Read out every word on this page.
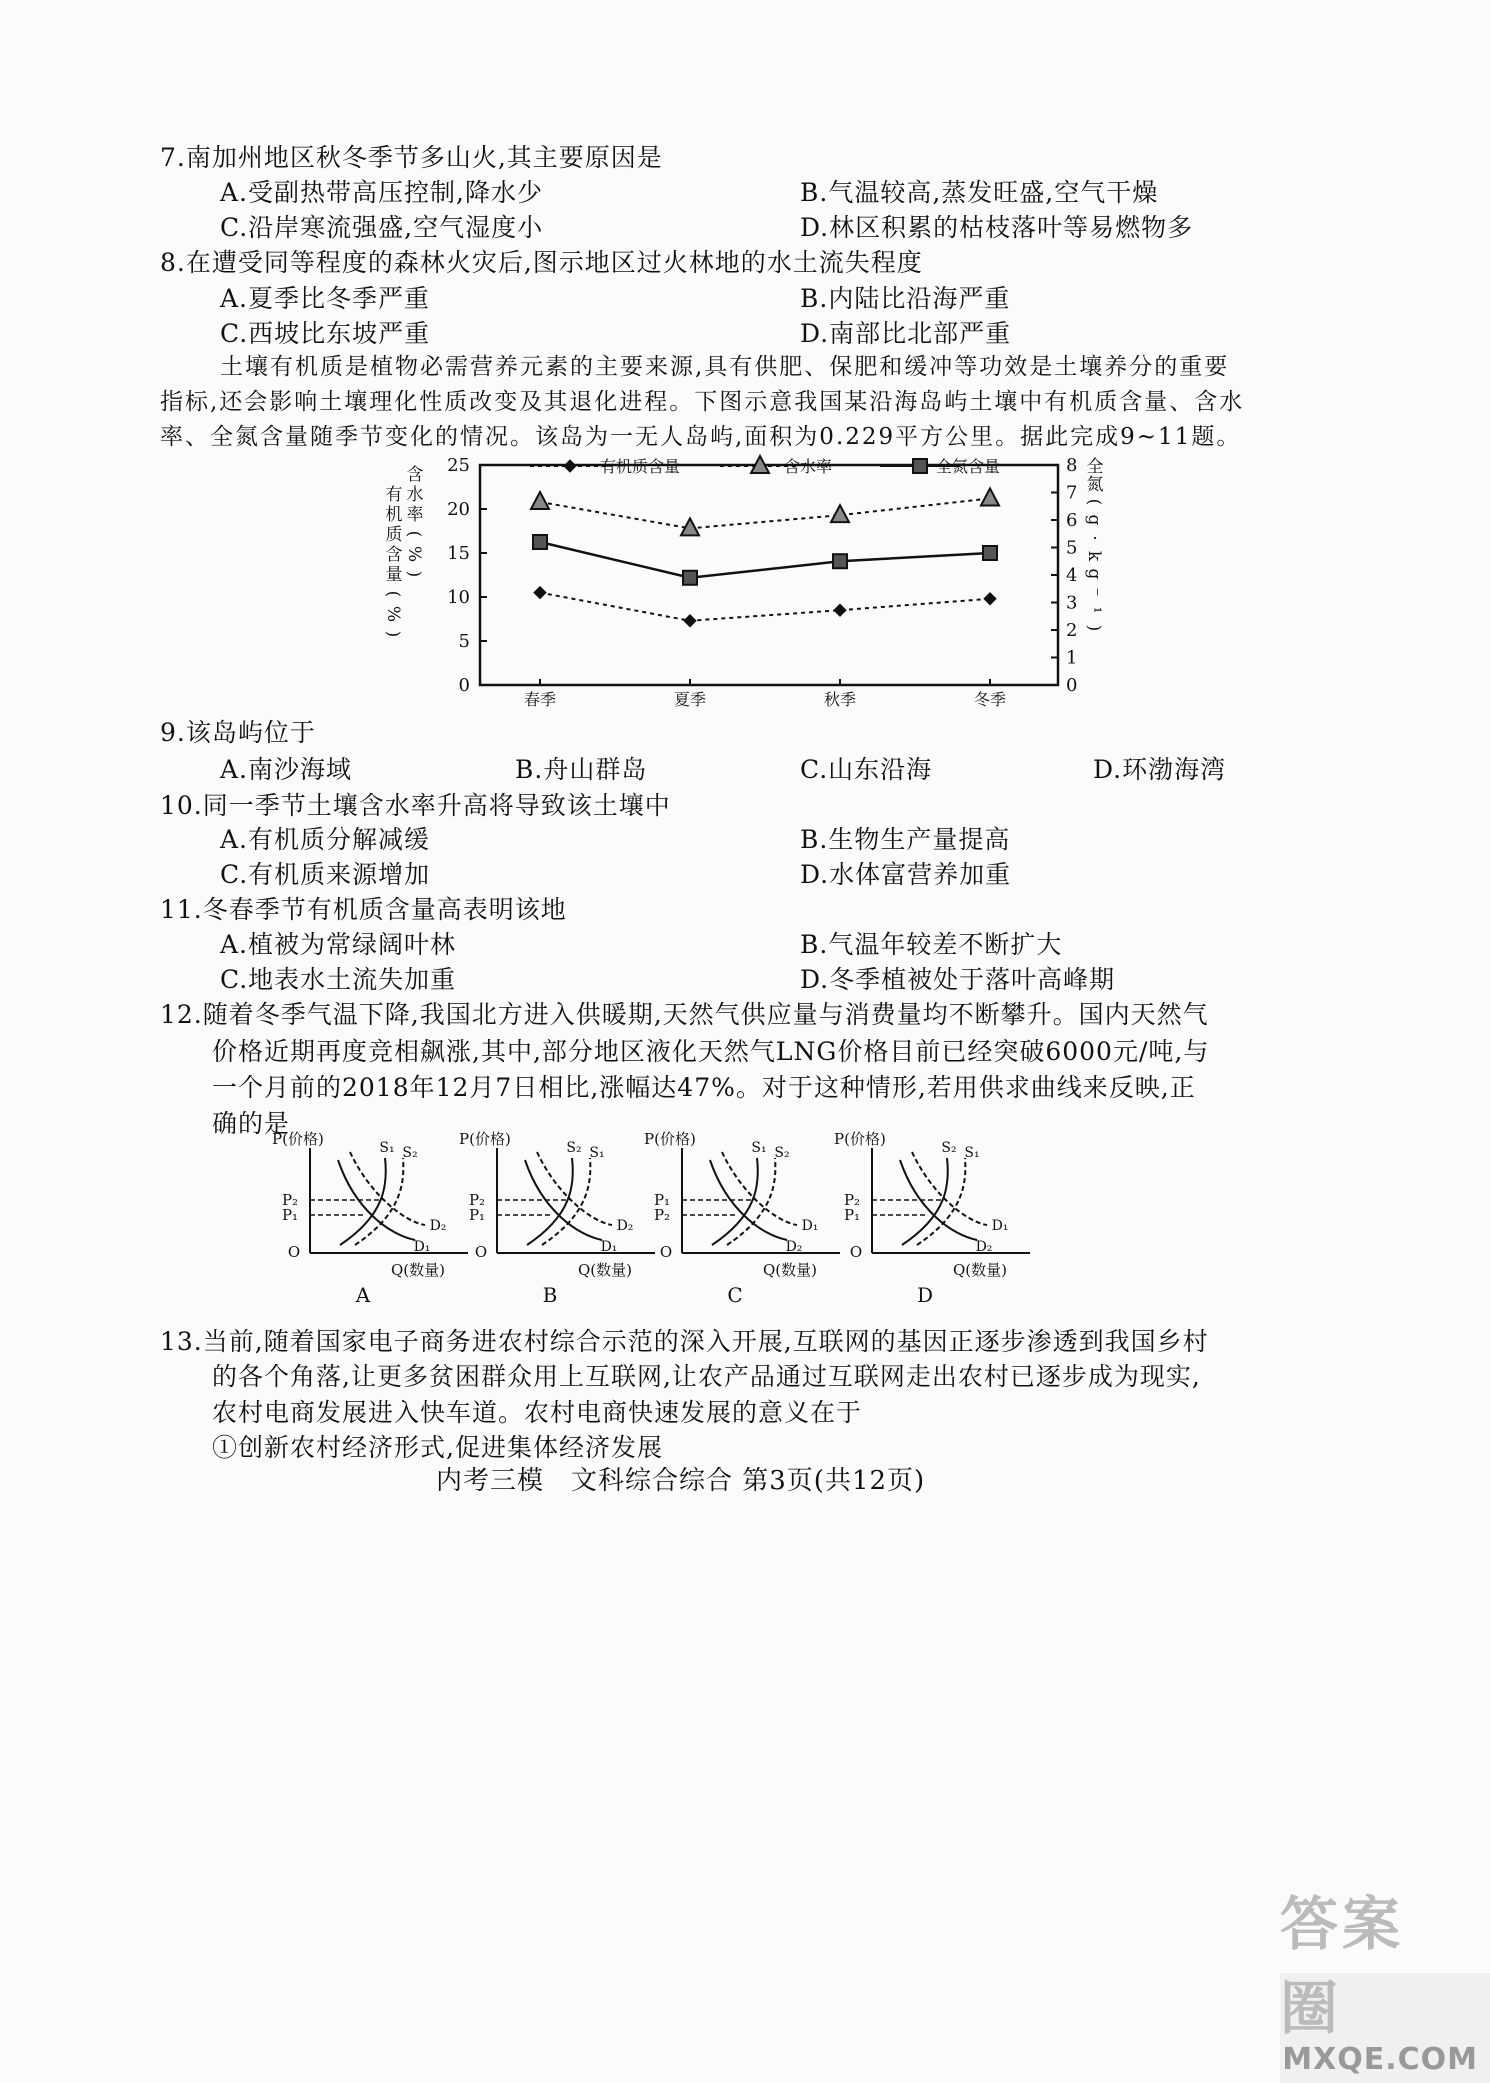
7.南加州地区秋冬季节多山火,其主要原因是
A.受副热带高压控制,降水少	B.气温较高,蒸发旺盛,空气干燥
C.沿岸寒流强盛,空气湿度小	D.林区积累的枯枝落叶等易燃物多
8.在遭受同等程度的森林火灾后,图示地区过火林地的水土流失程度
A.夏季比冬季严重	B.内陆比沿海严重
C.西坡比东坡严重	D.南部比北部严重
土壤有机质是植物必需营养元素的主要来源,具有供肥、保肥和缓冲等功效是土壤养分的重要
指标,还会影响土壤理化性质改变及其退化进程。下图示意我国某沿海岛屿土壤中有机质含量、含水
率、全氮含量随季节变化的情况。该岛为一无人岛屿,面积为0.229平方公里。据此完成9~11题。
有
机
质
含
量
(
%
)
含
水
率
(
%
)
全
氮
(
g
·
k
g
⁻
¹
)
0
5
10
15
20
25
0
1
2
3
4
5
6
7
8
春季	夏季	秋季	冬季
有机质含量	含水率	全氮含量
9.该岛屿位于
A.南沙海域	B.舟山群岛	C.山东沿海	D.环渤海湾
10.同一季节土壤含水率升高将导致该土壤中
A.有机质分解减缓	B.生物生产量提高
C.有机质来源增加	D.水体富营养加重
11.冬春季节有机质含量高表明该地
A.植被为常绿阔叶林	B.气温年较差不断扩大
C.地表水土流失加重	D.冬季植被处于落叶高峰期
12.随着冬季气温下降,我国北方进入供暖期,天然气供应量与消费量均不断攀升。国内天然气
价格近期再度竞相飙涨,其中,部分地区液化天然气LNG价格目前已经突破6000元/吨,与
一个月前的2018年12月7日相比,涨幅达47%。对于这种情形,若用供求曲线来反映,正
确的是
P(价格)
Q(数量)
O
P₂
P₁
S₁ S₂
D₂
D₁
A
P(价格)
Q(数量)
O
P₂
P₁
S₂ S₁
D₂
D₁
B
P(价格)
Q(数量)
O
P₁
P₂
S₁ S₂
D₁
D₂
C
P(价格)
Q(数量)
O
P₂
P₁
S₂ S₁
D₁
D₂
D
13.当前,随着国家电子商务进农村综合示范的深入开展,互联网的基因正逐步渗透到我国乡村
的各个角落,让更多贫困群众用上互联网,让农产品通过互联网走出农村已逐步成为现实,
农村电商发展进入快车道。农村电商快速发展的意义在于
①创新农村经济形式,促进集体经济发展
内考三模　文科综合综合 第3页(共12页)
答案圈
MXQE.COM
